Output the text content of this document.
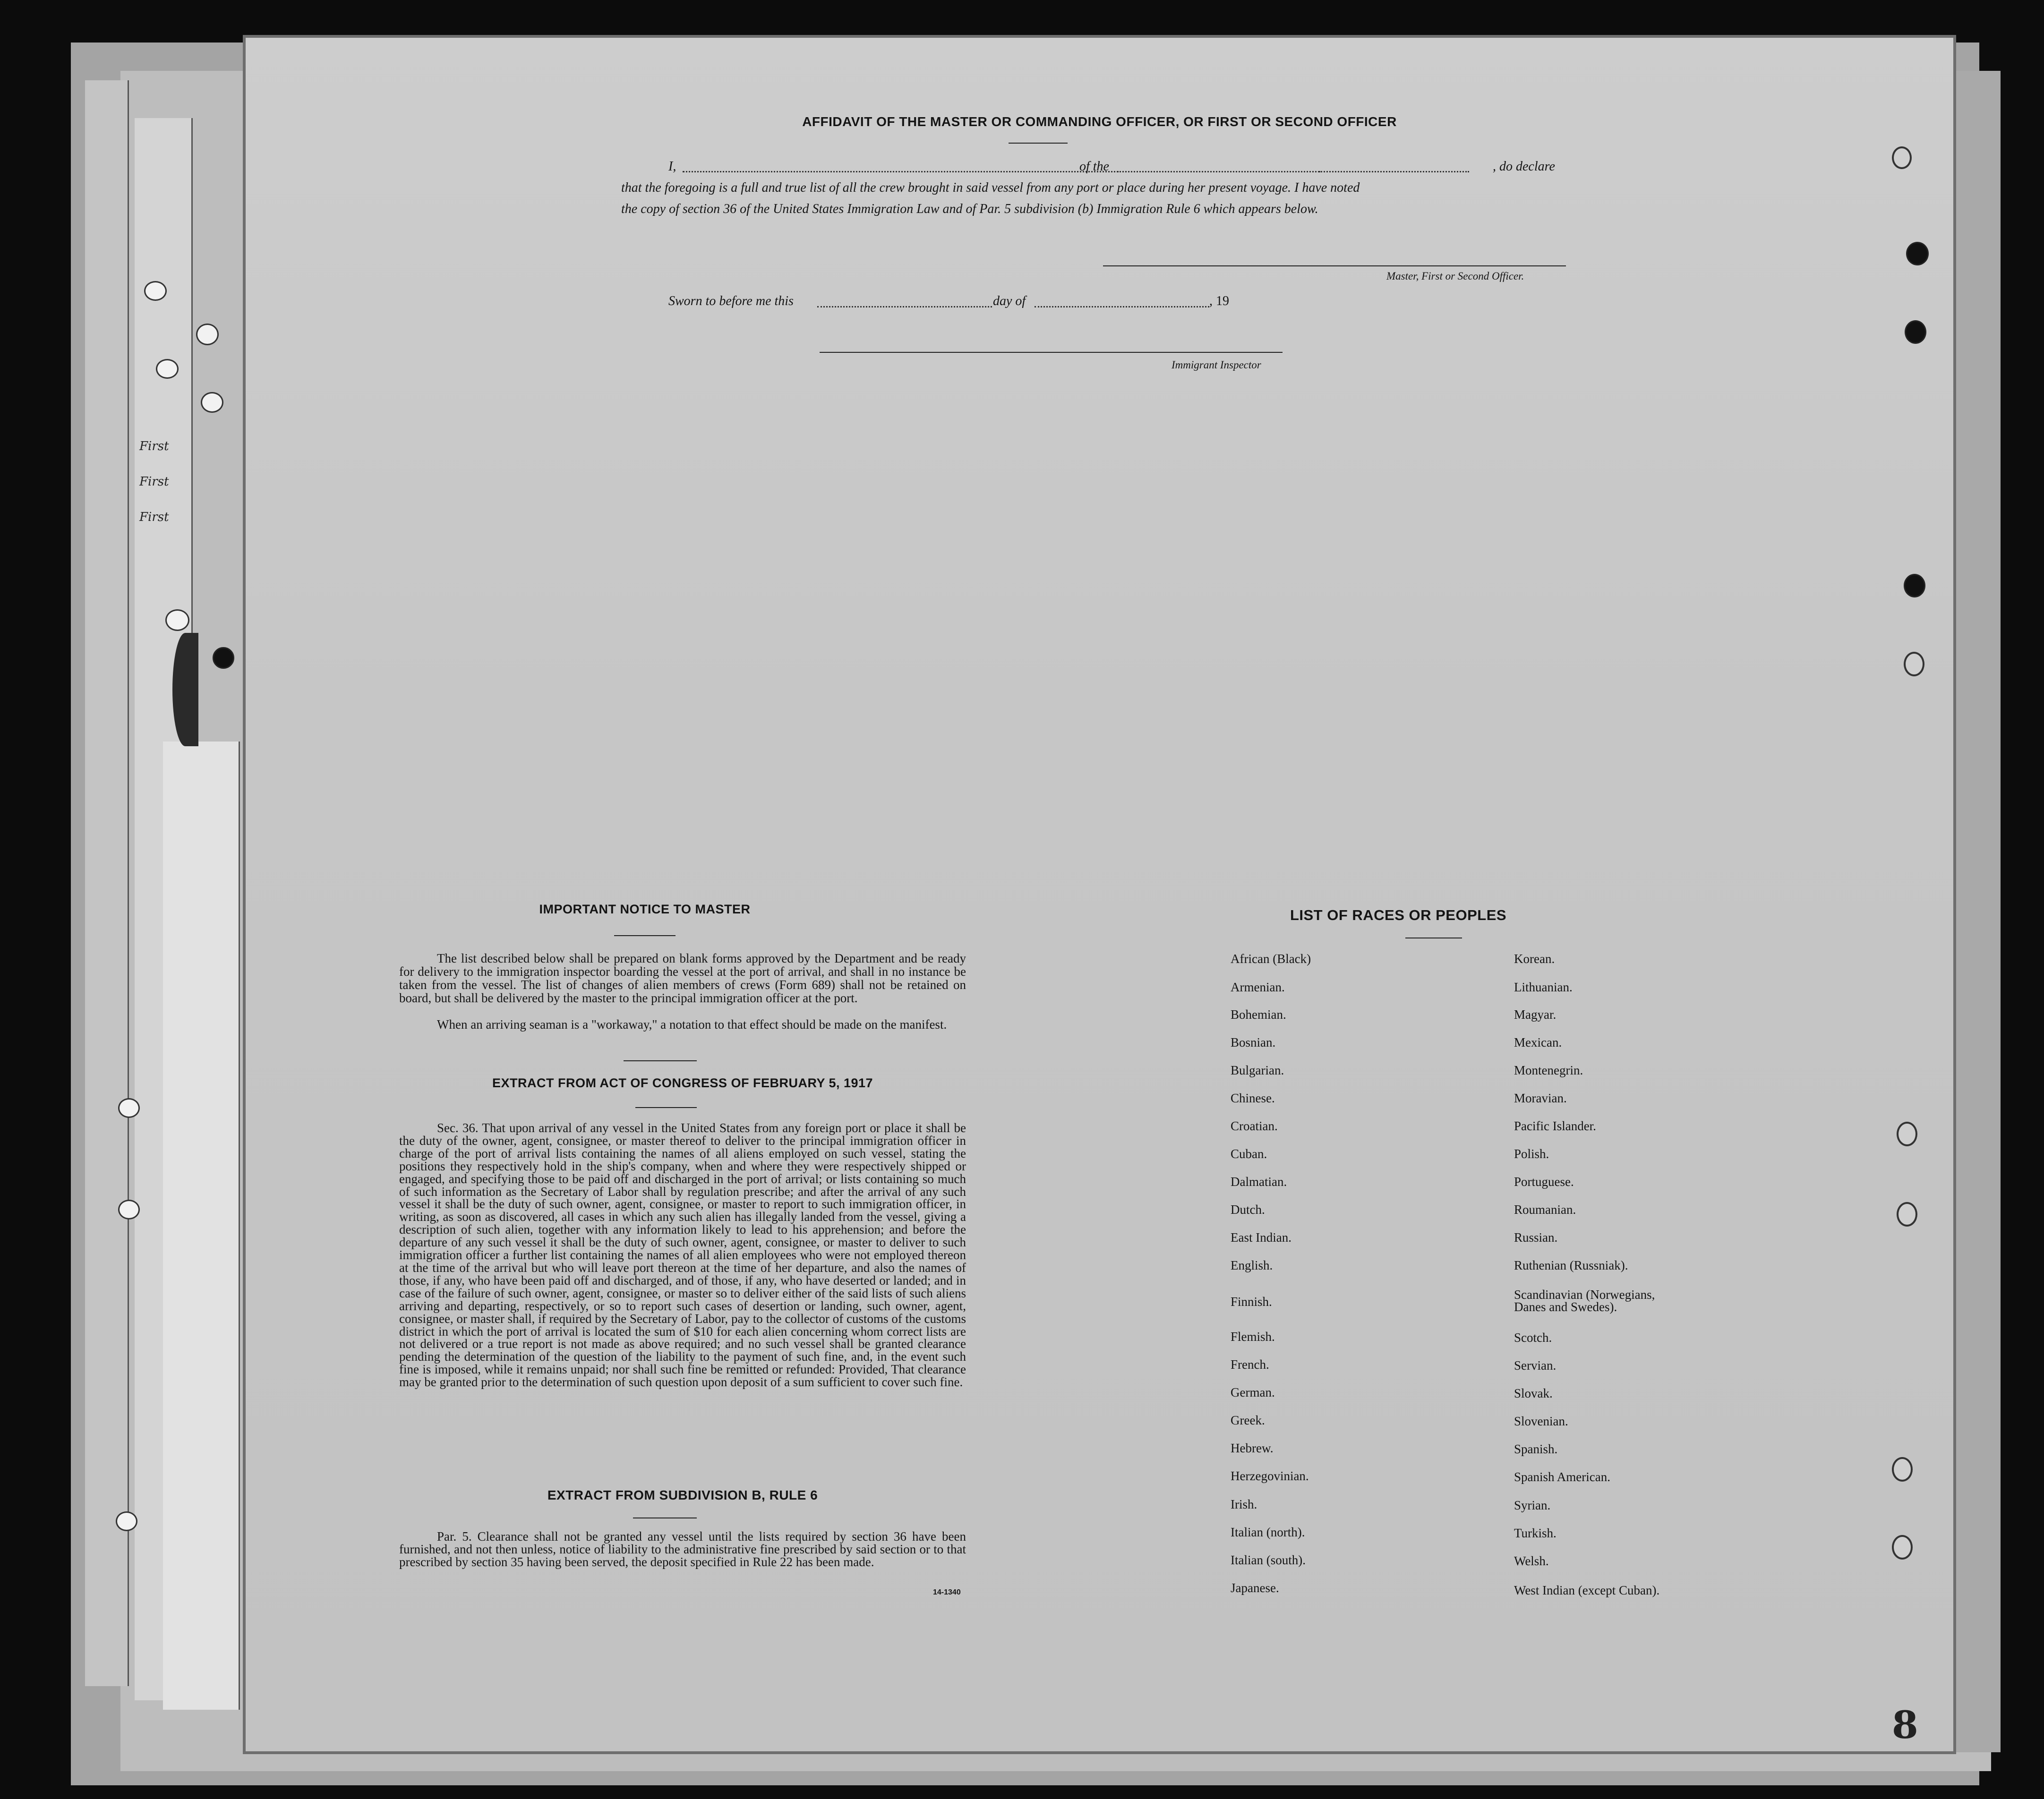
First
First
First
AFFIDAVIT OF THE MASTER OR COMMANDING OFFICER, OR FIRST OR SECOND OFFICER
I,	of the	, do declare
that the foregoing is a full and true list of all the crew brought in said vessel from any port or place during her present voyage. I have noted
the copy of section 36 of the United States Immigration Law and of Par. 5 subdivision (b) Immigration Rule 6 which appears below.
Master, First or Second Officer.
Sworn to before me this	day of	, 19
Immigrant Inspector
IMPORTANT NOTICE TO MASTER
The list described below shall be prepared on blank forms approved by the Department and be ready for delivery to the immigration inspector boarding the vessel at the port of arrival, and shall in no instance be taken from the vessel. The list of changes of alien members of crews (Form 689) shall not be retained on board, but shall be delivered by the master to the principal immigration officer at the port.
When an arriving seaman is a "workaway," a notation to that effect should be made on the manifest.
EXTRACT FROM ACT OF CONGRESS OF FEBRUARY 5, 1917
Sec. 36. That upon arrival of any vessel in the United States from any foreign port or place it shall be the duty of the owner, agent, consignee, or master thereof to deliver to the principal immigration officer in charge of the port of arrival lists containing the names of all aliens employed on such vessel, stating the positions they respectively hold in the ship's company, when and where they were respectively shipped or engaged, and specifying those to be paid off and discharged in the port of arrival; or lists containing so much of such information as the Secretary of Labor shall by regulation prescribe; and after the arrival of any such vessel it shall be the duty of such owner, agent, consignee, or master to report to such immigration officer, in writing, as soon as discovered, all cases in which any such alien has illegally landed from the vessel, giving a description of such alien, together with any information likely to lead to his apprehension; and before the departure of any such vessel it shall be the duty of such owner, agent, consignee, or master to deliver to such immigration officer a further list containing the names of all alien employees who were not employed thereon at the time of the arrival but who will leave port thereon at the time of her departure, and also the names of those, if any, who have been paid off and discharged, and of those, if any, who have deserted or landed; and in case of the failure of such owner, agent, consignee, or master so to deliver either of the said lists of such aliens arriving and departing, respectively, or so to report such cases of desertion or landing, such owner, agent, consignee, or master shall, if required by the Secretary of Labor, pay to the collector of customs of the customs district in which the port of arrival is located the sum of $10 for each alien concerning whom correct lists are not delivered or a true report is not made as above required; and no such vessel shall be granted clearance pending the determination of the question of the liability to the payment of such fine, and, in the event such fine is imposed, while it remains unpaid; nor shall such fine be remitted or refunded: Provided, That clearance may be granted prior to the determination of such question upon deposit of a sum sufficient to cover such fine.
EXTRACT FROM SUBDIVISION B, RULE 6
Par. 5. Clearance shall not be granted any vessel until the lists required by section 36 have been furnished, and not then unless, notice of liability to the administrative fine prescribed by said section or to that prescribed by section 35 having been served, the deposit specified in Rule 22 has been made.
14-1340
LIST OF RACES OR PEOPLES
African (Black)
Armenian.
Bohemian.
Bosnian.
Bulgarian.
Chinese.
Croatian.
Cuban.
Dalmatian.
Dutch.
East Indian.
English.
Finnish.
Flemish.
French.
German.
Greek.
Hebrew.
Herzegovinian.
Irish.
Italian (north).
Italian (south).
Japanese.
Korean.
Lithuanian.
Magyar.
Mexican.
Montenegrin.
Moravian.
Pacific Islander.
Polish.
Portuguese.
Roumanian.
Russian.
Ruthenian (Russniak).
Scandinavian (Norwegians, Danes and Swedes).
Scotch.
Servian.
Slovak.
Slovenian.
Spanish.
Spanish American.
Syrian.
Turkish.
Welsh.
West Indian (except Cuban).
8
